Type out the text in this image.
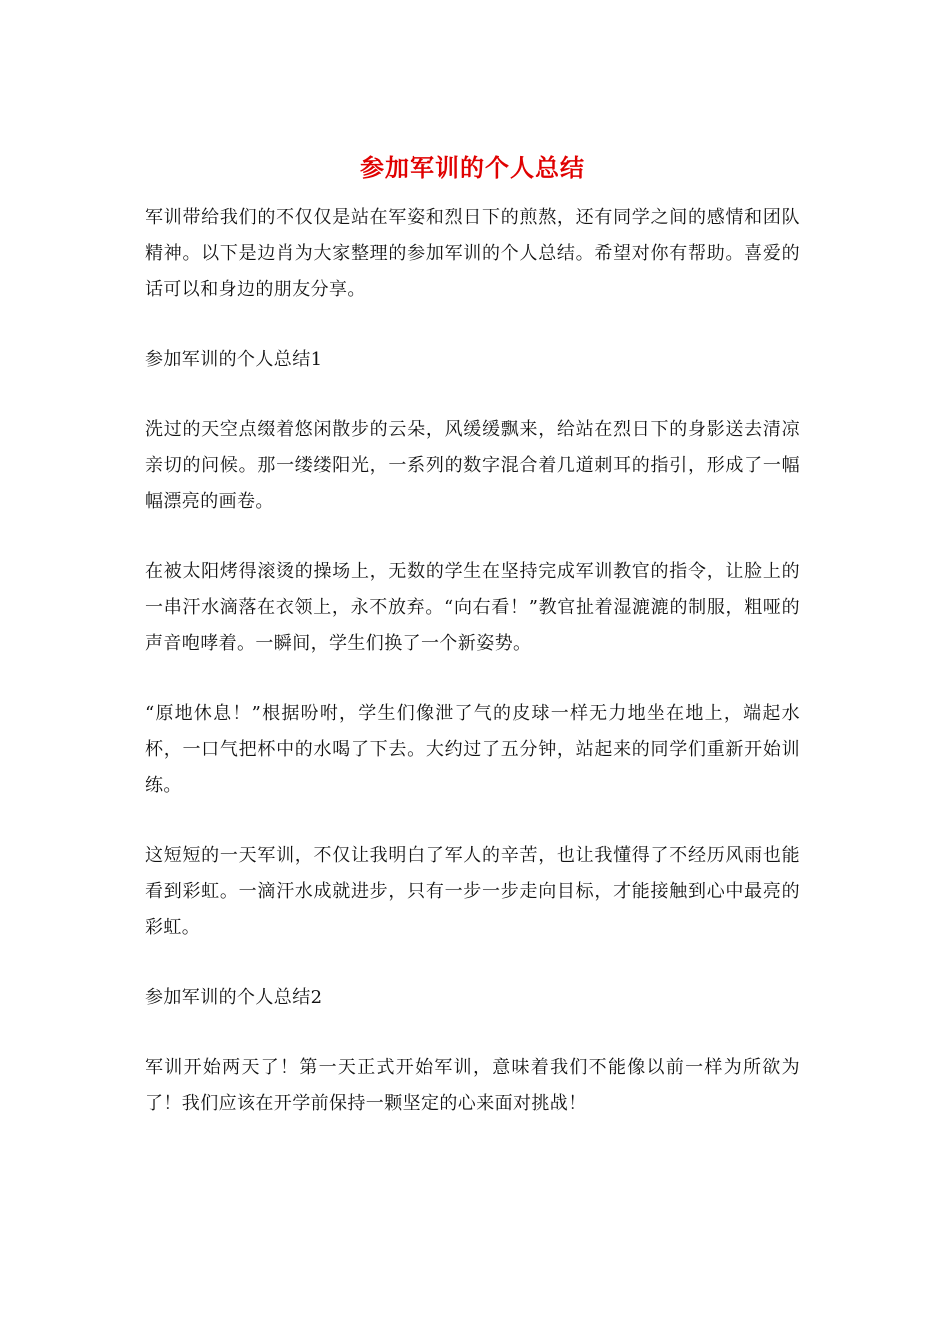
参加军训的个人总结

军训带给我们的不仅仅是站在军姿和烈日下的煎熬，还有同学之间的感情和团队精神。以下是边肖为大家整理的参加军训的个人总结。希望对你有帮助。喜爱的话可以和身边的朋友分享。

参加军训的个人总结1

洗过的天空点缀着悠闲散步的云朵，风缓缓飘来，给站在烈日下的身影送去清凉亲切的问候。那一缕缕阳光，一系列的数字混合着几道刺耳的指引，形成了一幅幅漂亮的画卷。

在被太阳烤得滚烫的操场上，无数的学生在坚持完成军训教官的指令，让脸上的一串汗水滴落在衣领上，永不放弃。“向右看！”教官扯着湿漉漉的制服，粗哑的声音咆哮着。一瞬间，学生们换了一个新姿势。

“原地休息！”根据吩咐，学生们像泄了气的皮球一样无力地坐在地上，端起水杯，一口气把杯中的水喝了下去。大约过了五分钟，站起来的同学们重新开始训练。

这短短的一天军训，不仅让我明白了军人的辛苦，也让我懂得了不经历风雨也能看到彩虹。一滴汗水成就进步，只有一步一步走向目标，才能接触到心中最亮的彩虹。

参加军训的个人总结2

军训开始两天了！第一天正式开始军训，意味着我们不能像以前一样为所欲为了！我们应该在开学前保持一颗坚定的心来面对挑战！
